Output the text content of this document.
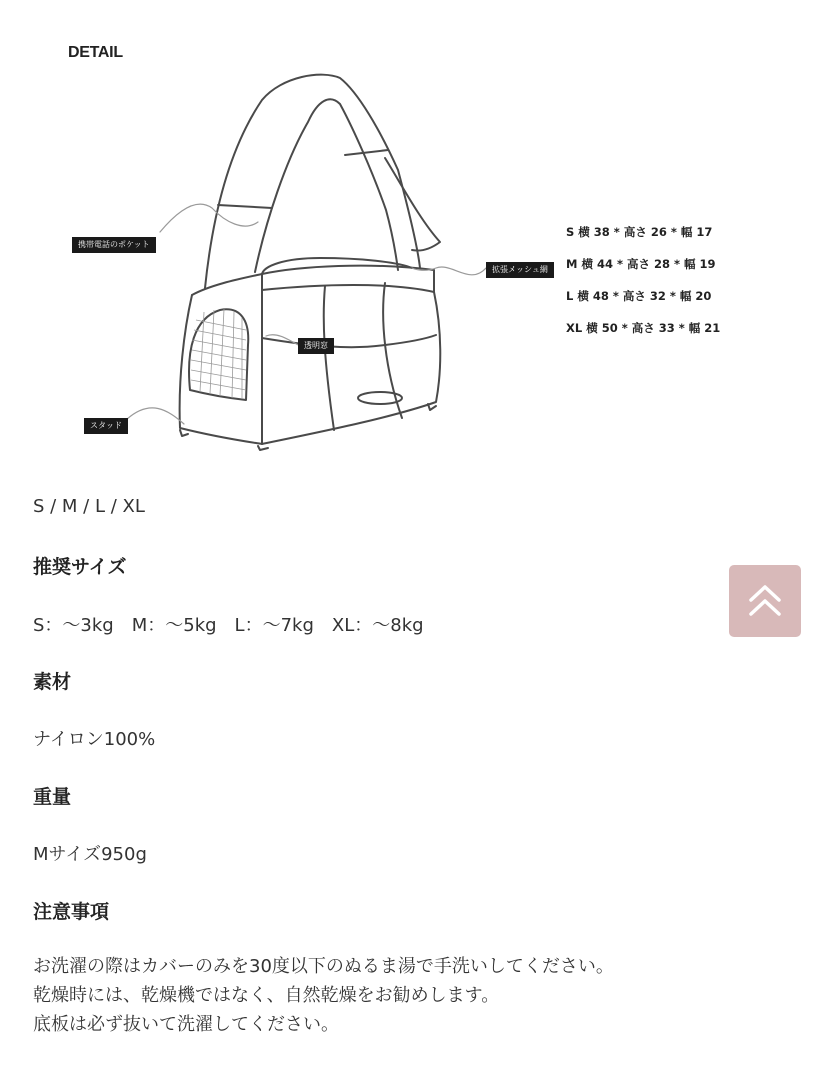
DETAIL
携帯電話のポケット
拡張メッシュ網
透明窓
スタッド
S 横 38 * 高さ 26 * 幅 17
M 横 44 * 高さ 28 * 幅 19
L 横 48 * 高さ 32 * 幅 20
XL 横 50 * 高さ 33 * 幅 21
S / M / L / XL
推奨サイズ
S：～3kg　M：～5kg　L：～7kg　XL：～8kg
素材
ナイロン100%
重量
Mサイズ950g
注意事項
お洗濯の際はカバーのみを30度以下のぬるま湯で手洗いしてください。
乾燥時には、乾燥機ではなく、自然乾燥をお勧めします。
底板は必ず抜いて洗濯してください。
